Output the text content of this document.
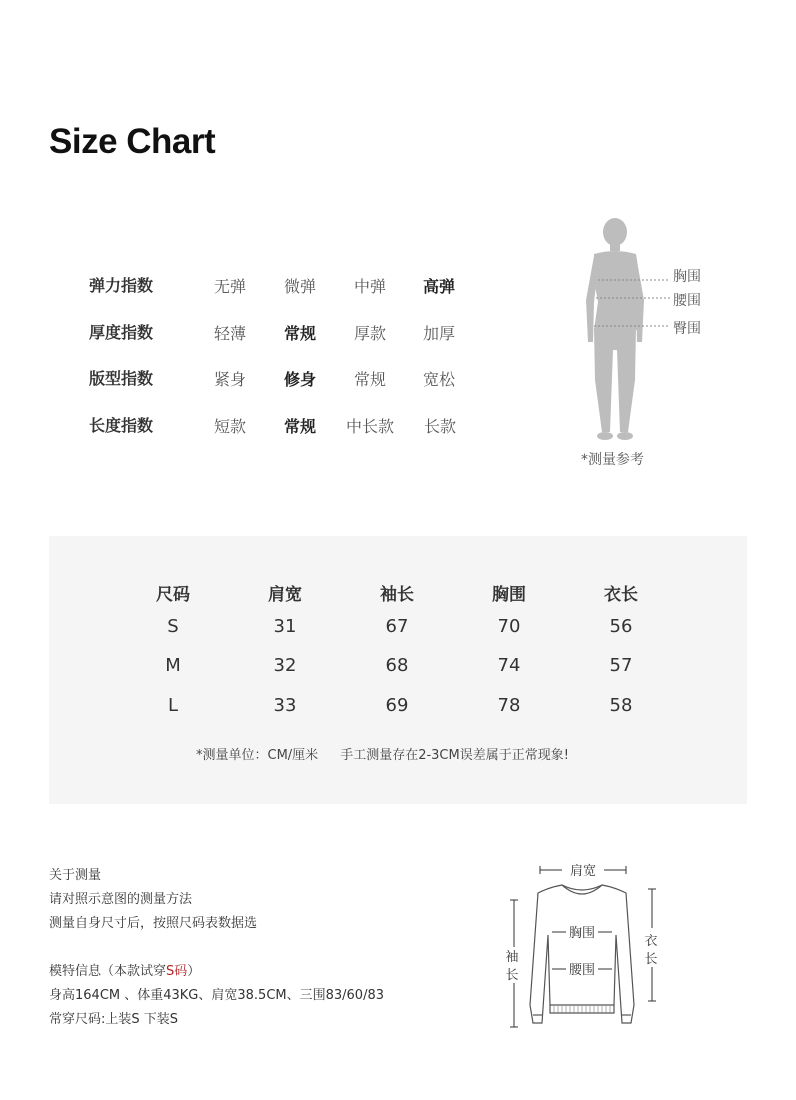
Size Chart
弹力指数	无弹 微弹 中弹 高弹
厚度指数	轻薄 常规 厚款 加厚
版型指数	紧身 修身 常规 宽松
长度指数	短款 常规 中长款 长款
胸围
腰围
臀围
*测量参考
尺码	肩宽	袖长	胸围	衣长
S	31	67	70	56
M	32	68	74	57
L	33	69	78	58
*测量单位：CM/厘米 手工测量存在2-3CM误差属于正常现象!
关于测量
请对照示意图的测量方法
测量自身尺寸后，按照尺码表数据选
模特信息（本款试穿S码）
身高164CM 、体重43KG、肩宽38.5CM、三围83/60/83
常穿尺码:上装S 下装S
肩宽
胸围
腰围
袖
长
衣
长
